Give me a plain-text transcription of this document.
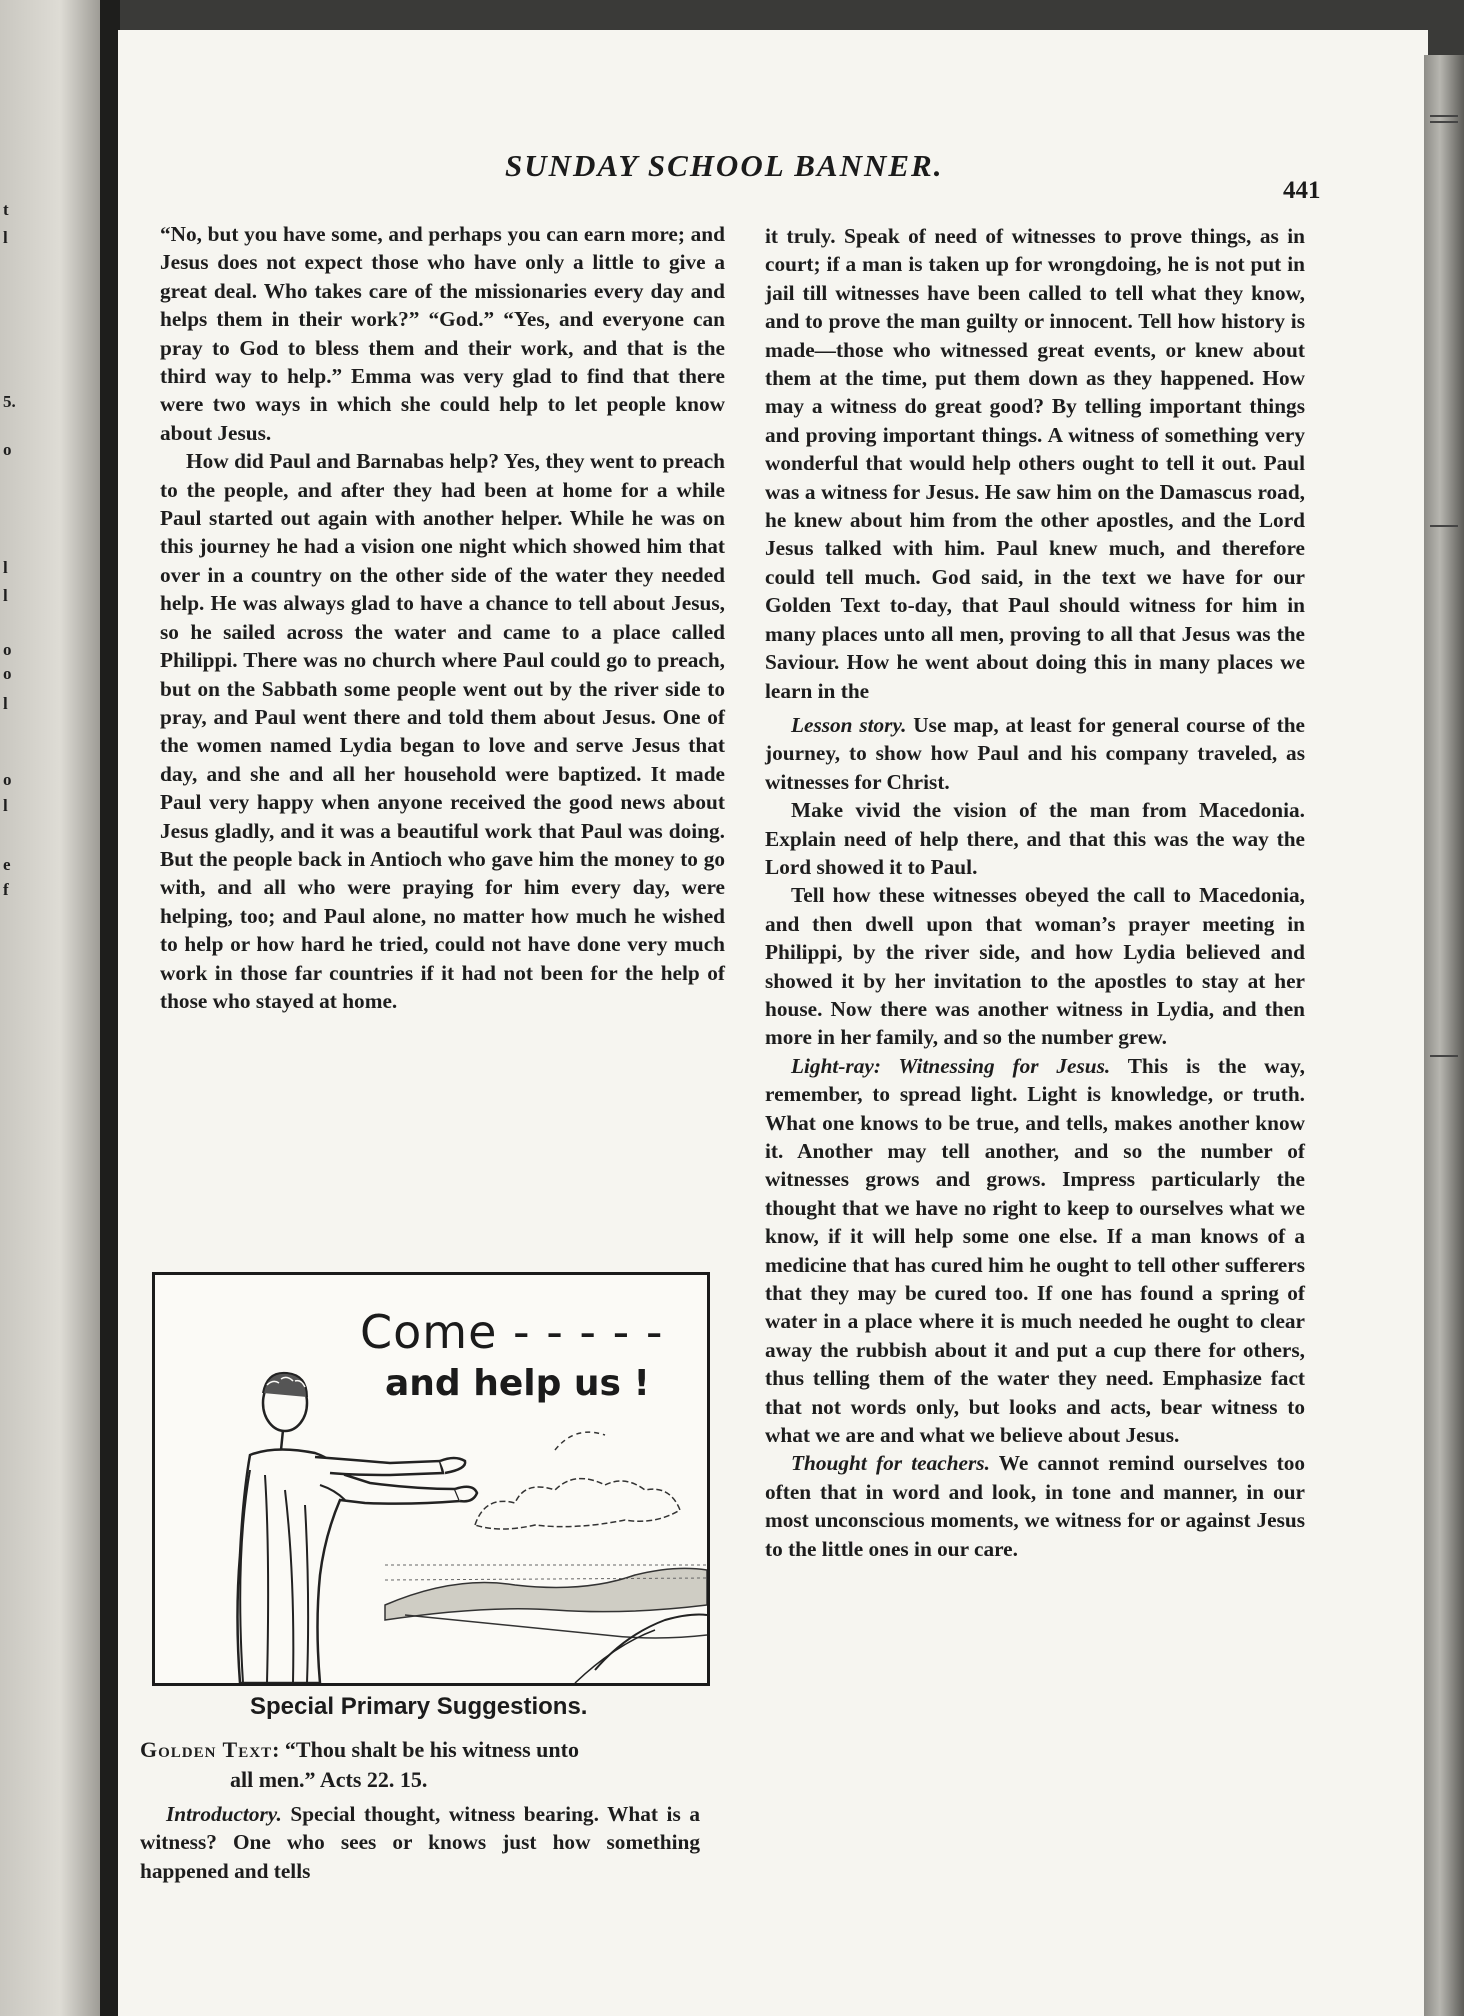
t
l
5.
o
l
l
o
o
l
o
l
e
f
SUNDAY SCHOOL BANNER.
441

“No, but you have some, and perhaps you can earn more; and Jesus does not expect those who have only a little to give a great deal. Who takes care of the missionaries every day and helps them in their work?” “God.” “Yes, and everyone can pray to God to bless them and their work, and that is the third way to help.” Emma was very glad to find that there were two ways in which she could help to let people know about Jesus.

How did Paul and Barnabas help? Yes, they went to preach to the people, and after they had been at home for a while Paul started out again with another helper. While he was on this journey he had a vision one night which showed him that over in a country on the other side of the water they needed help. He was always glad to have a chance to tell about Jesus, so he sailed across the water and came to a place called Philippi. There was no church where Paul could go to preach, but on the Sabbath some people went out by the river side to pray, and Paul went there and told them about Jesus. One of the women named Lydia began to love and serve Jesus that day, and she and all her household were baptized. It made Paul very happy when anyone received the good news about Jesus gladly, and it was a beautiful work that Paul was doing. But the people back in Antioch who gave him the money to go with, and all who were praying for him every day, were helping, too; and Paul alone, no matter how much he wished to help or how hard he tried, could not have done very much work in those far countries if it had not been for the help of those who stayed at home.

Come - - - - -
and help us !
Special Primary Suggestions.
Golden Text: “Thou shalt be his witness unto
all men.” Acts 22. 15.

Introductory. Special thought, witness bearing. What is a witness? One who sees or knows just how something happened and tells

it truly. Speak of need of witnesses to prove things, as in court; if a man is taken up for wrongdoing, he is not put in jail till witnesses have been called to tell what they know, and to prove the man guilty or innocent. Tell how history is made—those who witnessed great events, or knew about them at the time, put them down as they happened. How may a witness do great good? By telling important things and proving important things. A witness of something very wonderful that would help others ought to tell it out. Paul was a witness for Jesus. He saw him on the Damascus road, he knew about him from the other apostles, and the Lord Jesus talked with him. Paul knew much, and therefore could tell much. God said, in the text we have for our Golden Text to-day, that Paul should witness for him in many places unto all men, proving to all that Jesus was the Saviour. How he went about doing this in many places we learn in the

Lesson story. Use map, at least for general course of the journey, to show how Paul and his company traveled, as witnesses for Christ.

Make vivid the vision of the man from Macedonia. Explain need of help there, and that this was the way the Lord showed it to Paul.

Tell how these witnesses obeyed the call to Macedonia, and then dwell upon that woman’s prayer meeting in Philippi, by the river side, and how Lydia believed and showed it by her invitation to the apostles to stay at her house. Now there was another witness in Lydia, and then more in her family, and so the number grew.

Light-ray: Witnessing for Jesus. This is the way, remember, to spread light. Light is knowledge, or truth. What one knows to be true, and tells, makes another know it. Another may tell another, and so the number of witnesses grows and grows. Impress particularly the thought that we have no right to keep to ourselves what we know, if it will help some one else. If a man knows of a medicine that has cured him he ought to tell other sufferers that they may be cured too. If one has found a spring of water in a place where it is much needed he ought to clear away the rubbish about it and put a cup there for others, thus telling them of the water they need. Emphasize fact that not words only, but looks and acts, bear witness to what we are and what we believe about Jesus.

Thought for teachers. We cannot remind ourselves too often that in word and look, in tone and manner, in our most unconscious moments, we witness for or against Jesus to the little ones in our care.
